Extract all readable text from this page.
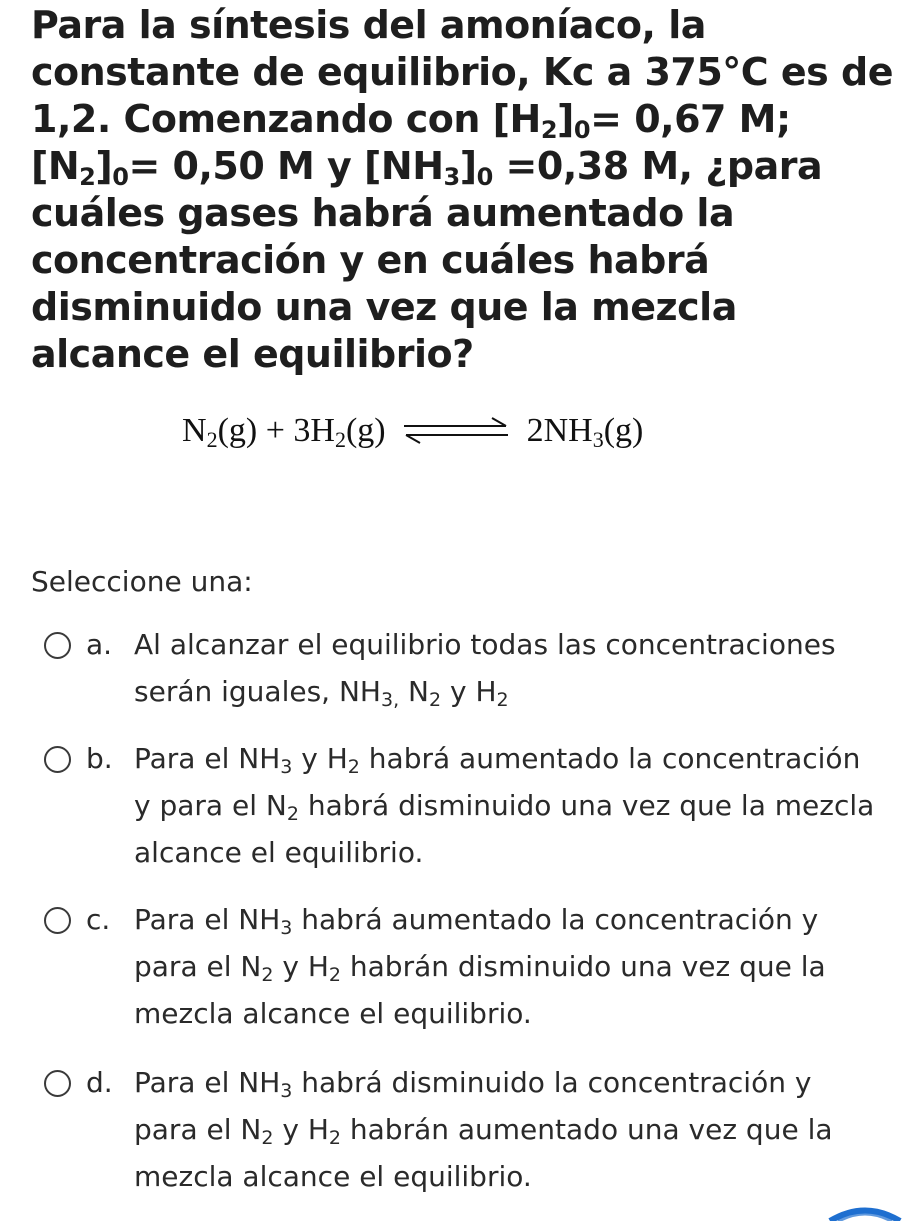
Para la síntesis del amoníaco, la
constante de equilibrio, Kc a 375°C es de
1,2. Comenzando con $[H_2]_0= 0,67$ M;
$[N_2]_0= 0,50$ M y $[NH_3]_0 =0,38$ M, ¿para
cuáles gases habrá aumentado la
concentración y en cuáles habrá
disminuido una vez que la mezcla
alcance el equilibrio?
$N_2(g) + 3H_2(g)$ ⇌ $2NH_3(g)$
Seleccione una:
a. Al alcanzar el equilibrio todas las concentraciones
serán iguales, $NH_{3,}$ $N_2$ y $H_2$
b. Para el $NH_3$ y $H_2$ habrá aumentado la concentración
y para el $N_2$ habrá disminuido una vez que la mezcla
alcance el equilibrio.
c. Para el $NH_3$ habrá aumentado la concentración y
para el $N_2$ y $H_2$ habrán disminuido una vez que la
mezcla alcance el equilibrio.
d. Para el $NH_3$ habrá disminuido la concentración y
para el $N_2$ y $H_2$ habrán aumentado una vez que la
mezcla alcance el equilibrio.
